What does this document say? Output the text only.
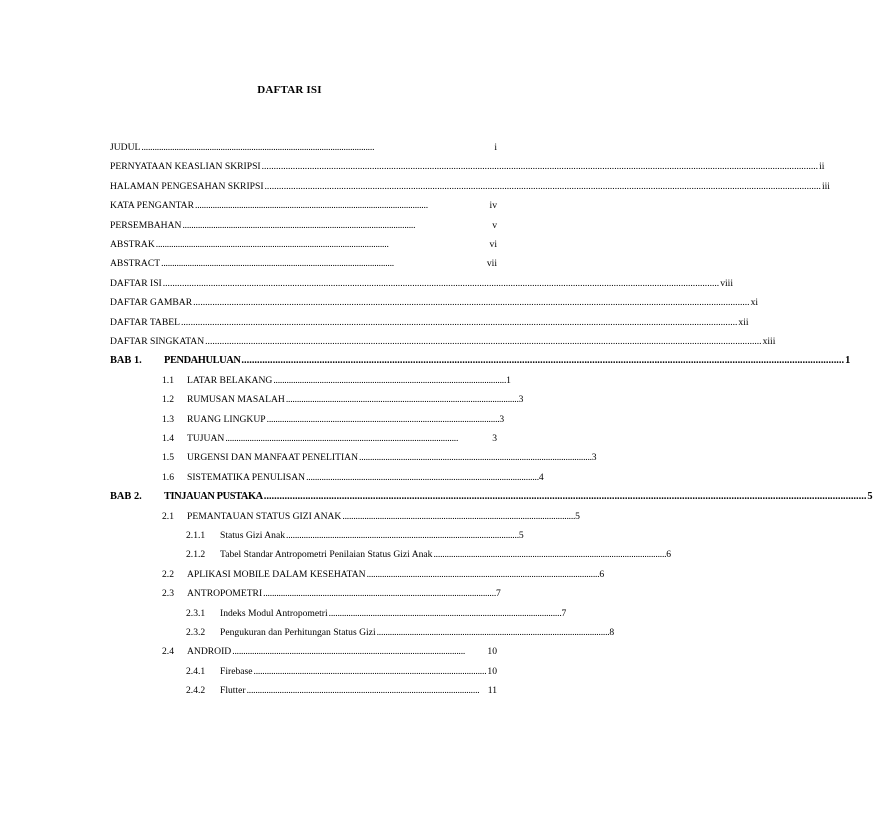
DAFTAR ISI
JUDUL . . .	i
PERNYATAAN KEASLIAN SKRIPSI .....	ii
HALAMAN PENGESAHAN SKRIPSI .....	iii
KATA PENGANTAR . . .	iv
PERSEMBAHAN . . .	v
ABSTRAK . . .	vi
ABSTRACT . . .	vii
DAFTAR ISI .....	viii
DAFTAR GAMBAR .....	xi
DAFTAR TABEL .....	xii
DAFTAR SINGKATAN .....	xiii
BAB 1.	PENDAHULUAN .....	1
1.1	LATAR BELAKANG . . .	1
1.2	RUMUSAN MASALAH . . .	3
1.3	RUANG LINGKUP . . .	3
1.4	TUJUAN . . .	3
1.5	URGENSI DAN MANFAAT PENELITIAN . . .	3
1.6	SISTEMATIKA PENULISAN . . .	4
BAB 2.	TINJAUAN PUSTAKA .....	5
2.1	PEMANTAUAN STATUS GIZI ANAK . . .	5
2.1.1	Status Gizi Anak . . .	5
2.1.2	Tabel Standar Antropometri Penilaian Status Gizi Anak . . .	6
2.2	APLIKASI MOBILE DALAM KESEHATAN . . .	6
2.3	ANTROPOMETRI . . .	7
2.3.1	Indeks Modul Antropometri . . .	7
2.3.2	Pengukuran dan Perhitungan Status Gizi . . .	8
2.4	ANDROID . . .	10
2.4.1	Firebase . . .	10
2.4.2	Flutter . . .	11
